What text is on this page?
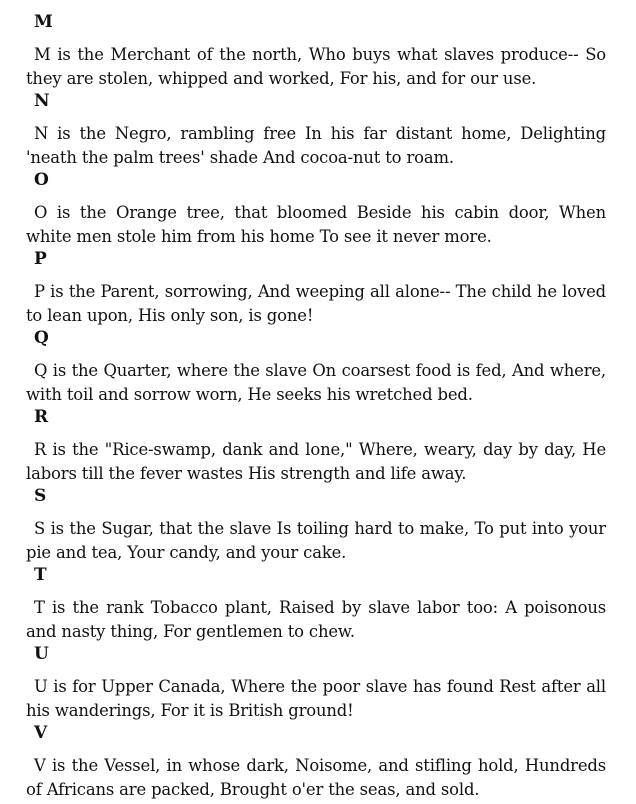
M
M is the Merchant of the north, Who buys what slaves produce-- So they are stolen, whipped and worked, For his, and for our use.
N
N is the Negro, rambling free In his far distant home, Delighting 'neath the palm trees' shade And cocoa-nut to roam.
O
O is the Orange tree, that bloomed Beside his cabin door, When white men stole him from his home To see it never more.
P
P is the Parent, sorrowing, And weeping all alone-- The child he loved to lean upon, His only son, is gone!
Q
Q is the Quarter, where the slave On coarsest food is fed, And where, with toil and sorrow worn, He seeks his wretched bed.
R
R is the "Rice-swamp, dank and lone," Where, weary, day by day, He labors till the fever wastes His strength and life away.
S
S is the Sugar, that the slave Is toiling hard to make, To put into your pie and tea, Your candy, and your cake.
T
T is the rank Tobacco plant, Raised by slave labor too: A poisonous and nasty thing, For gentlemen to chew.
U
U is for Upper Canada, Where the poor slave has found Rest after all his wanderings, For it is British ground!
V
V is the Vessel, in whose dark, Noisome, and stifling hold, Hundreds of Africans are packed, Brought o'er the seas, and sold.
